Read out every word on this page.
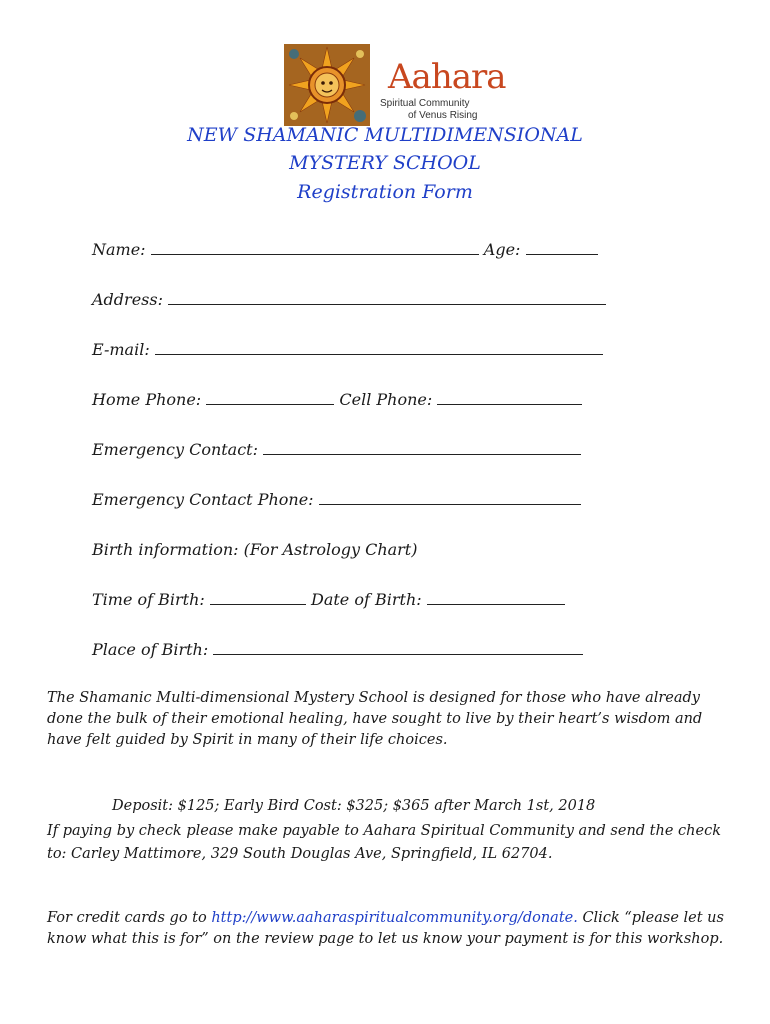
Aahara
Spiritual Community
of Venus Rising
NEW SHAMANIC MULTIDIMENSIONAL
MYSTERY SCHOOL
Registration Form
Name:	Age:
Address:
E-mail:
Home Phone:	Cell Phone:
Emergency Contact:
Emergency Contact Phone:
Birth information: (For Astrology Chart)
Time of Birth:	Date of Birth:
Place of Birth:
The Shamanic Multi-dimensional Mystery School is designed for those who have already done the bulk of their emotional healing, have sought to live by their heart’s wisdom and have felt guided by Spirit in many of their life choices.
Deposit: $125; Early Bird Cost: $325; $365 after March 1st, 2018
If paying by check please make payable to Aahara Spiritual Community and send the check to: Carley Mattimore, 329 South Douglas Ave, Springfield, IL 62704.
For credit cards go to http://www.aaharaspiritualcommunity.org/donate. Click “please let us know what this is for” on the review page to let us know your payment is for this workshop.
